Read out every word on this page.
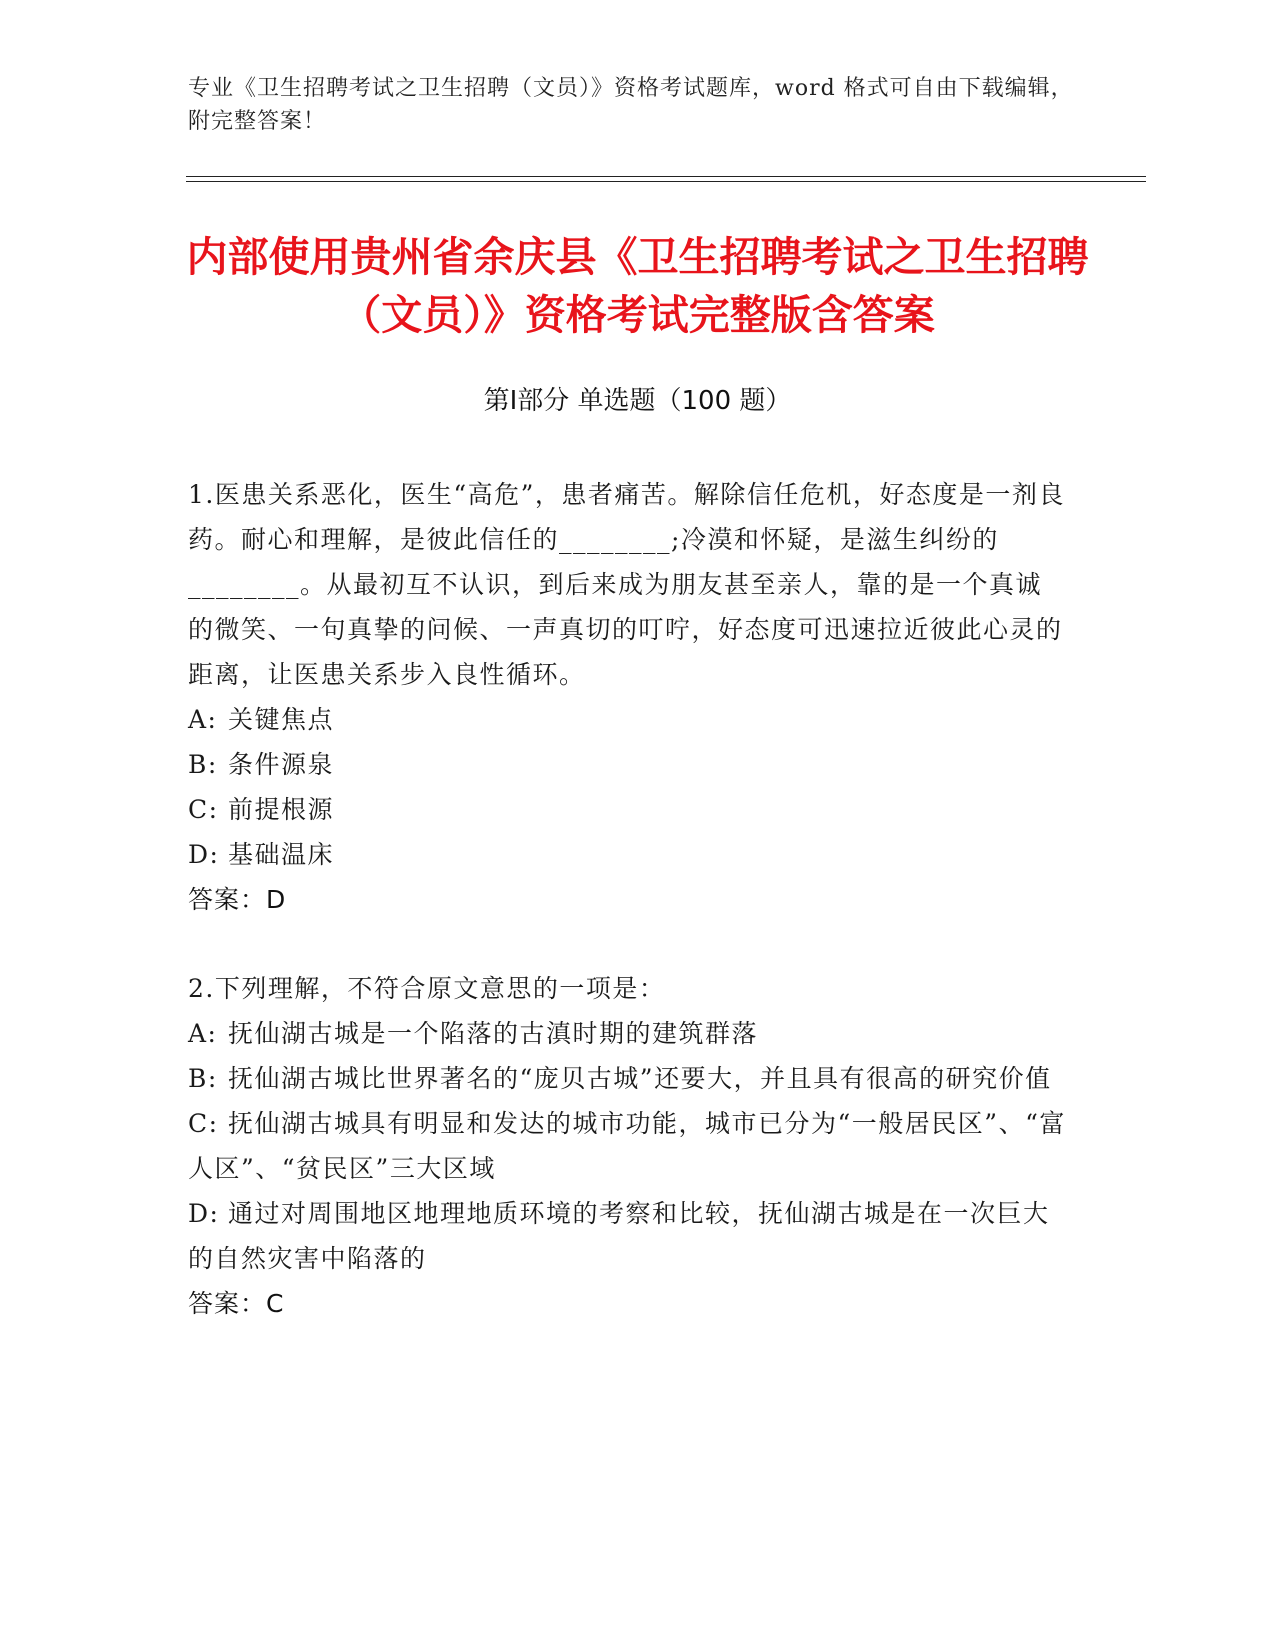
专业《卫生招聘考试之卫生招聘（文员）》资格考试题库，word 格式可自由下载编辑，附完整答案！
内部使用贵州省余庆县《卫生招聘考试之卫生招聘（文员）》资格考试完整版含答案
第Ⅰ部分 单选题（100 题）

1.医患关系恶化，医生“高危”，患者痛苦。解除信任危机，好态度是一剂良药。耐心和理解，是彼此信任的________;冷漠和怀疑，是滋生纠纷的________。从最初互不认识，到后来成为朋友甚至亲人，靠的是一个真诚的微笑、一句真挚的问候、一声真切的叮咛，好态度可迅速拉近彼此心灵的距离，让医患关系步入良性循环。

A: 关键焦点

B: 条件源泉

C: 前提根源

D: 基础温床

答案：D

2.下列理解，不符合原文意思的一项是：

A: 抚仙湖古城是一个陷落的古滇时期的建筑群落

B: 抚仙湖古城比世界著名的“庞贝古城”还要大，并且具有很高的研究价值

C: 抚仙湖古城具有明显和发达的城市功能，城市已分为“一般居民区”、“富人区”、“贫民区”三大区域

D: 通过对周围地区地理地质环境的考察和比较，抚仙湖古城是在一次巨大的自然灾害中陷落的

答案：C
